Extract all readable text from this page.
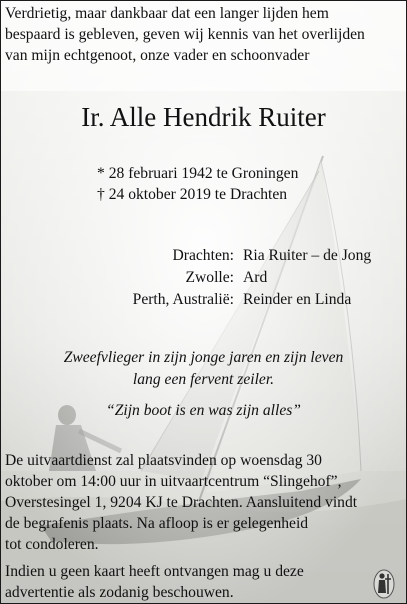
Verdrietig, maar dankbaar dat een langer lijden hem
bespaard is gebleven, geven wij kennis van het overlijden
van mijn echtgenoot, onze vader en schoonvader
Ir. Alle Hendrik Ruiter
* 28 februari 1942 te Groningen
† 24 oktober 2019 te Drachten
Drachten: Ria Ruiter – de Jong
Zwolle: Ard
Perth, Australië: Reinder en Linda
Zweefvlieger in zijn jonge jaren en zijn leven
lang een fervent zeiler.
“Zijn boot is en was zijn alles”
De uitvaartdienst zal plaatsvinden op woensdag 30
oktober om 14:00 uur in uitvaartcentrum “Slingehof”,
Overstesingel 1, 9204 KJ te Drachten. Aansluitend vindt
de begrafenis plaats. Na afloop is er gelegenheid
tot condoleren.
Indien u geen kaart heeft ontvangen mag u deze
advertentie als zodanig beschouwen.
